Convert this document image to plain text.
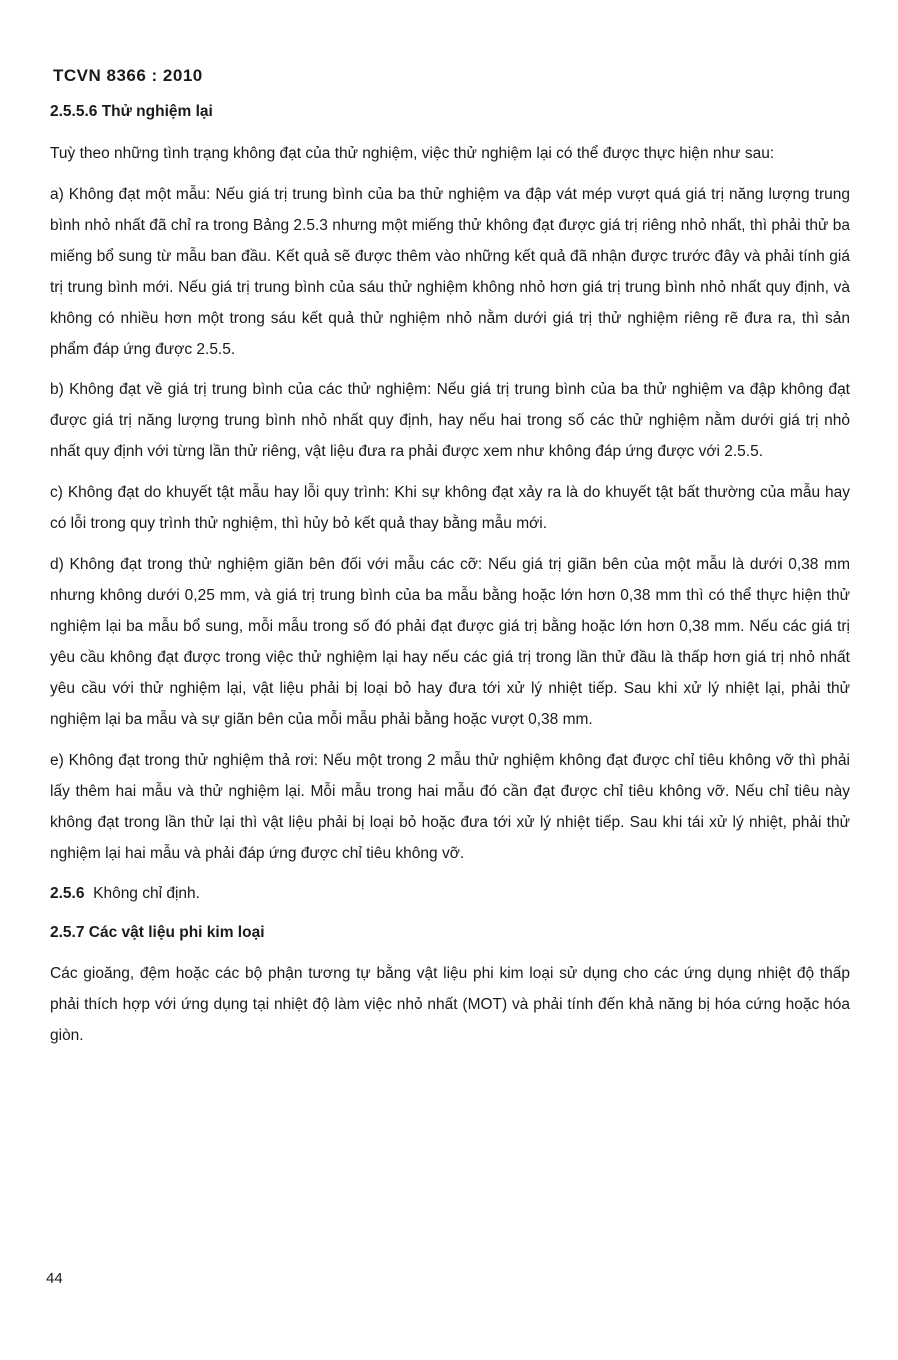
TCVN 8366 : 2010

2.5.5.6 Thử nghiệm lại

Tuỳ theo những tình trạng không đạt của thử nghiệm, việc thử nghiệm lại có thể được thực hiện như sau:

a) Không đạt một mẫu: Nếu giá trị trung bình của ba thử nghiệm va đập vát mép vượt quá giá trị năng lượng trung bình nhỏ nhất đã chỉ ra trong Bảng 2.5.3 nhưng một miếng thử không đạt được giá trị riêng nhỏ nhất, thì phải thử ba miếng bổ sung từ mẫu ban đầu. Kết quả sẽ được thêm vào những kết quả đã nhận được trước đây và phải tính giá trị trung bình mới. Nếu giá trị trung bình của sáu thử nghiệm không nhỏ hơn giá trị trung bình nhỏ nhất quy định, và không có nhiều hơn một trong sáu kết quả thử nghiệm nhỏ nằm dưới giá trị thử nghiệm riêng rẽ đưa ra, thì sản phẩm đáp ứng được 2.5.5.

b) Không đạt về giá trị trung bình của các thử nghiệm: Nếu giá trị trung bình của ba thử nghiệm va đập không đạt được giá trị năng lượng trung bình nhỏ nhất quy định, hay nếu hai trong số các thử nghiệm nằm dưới giá trị nhỏ nhất quy định với từng lần thử riêng, vật liệu đưa ra phải được xem như không đáp ứng được với 2.5.5.

c) Không đạt do khuyết tật mẫu hay lỗi quy trình: Khi sự không đạt xảy ra là do khuyết tật bất thường của mẫu hay có lỗi trong quy trình thử nghiệm, thì hủy bỏ kết quả thay bằng mẫu mới.

d) Không đạt trong thử nghiệm giãn bên đối với mẫu các cỡ: Nếu giá trị giãn bên của một mẫu là dưới 0,38 mm nhưng không dưới 0,25 mm, và giá trị trung bình của ba mẫu bằng hoặc lớn hơn 0,38 mm thì có thể thực hiện thử nghiệm lại ba mẫu bổ sung, mỗi mẫu trong số đó phải đạt được giá trị bằng hoặc lớn hơn 0,38 mm. Nếu các giá trị yêu cầu không đạt được trong việc thử nghiệm lại hay nếu các giá trị trong lần thử đầu là thấp hơn giá trị nhỏ nhất yêu cầu với thử nghiệm lại, vật liệu phải bị loại bỏ hay đưa tới xử lý nhiệt tiếp. Sau khi xử lý nhiệt lại, phải thử nghiệm lại ba mẫu và sự giãn bên của mỗi mẫu phải bằng hoặc vượt 0,38 mm.

e) Không đạt trong thử nghiệm thả rơi: Nếu một trong 2 mẫu thử nghiệm không đạt được chỉ tiêu không vỡ thì phải lấy thêm hai mẫu và thử nghiệm lại. Mỗi mẫu trong hai mẫu đó cần đạt được chỉ tiêu không vỡ. Nếu chỉ tiêu này không đạt trong lần thử lại thì vật liệu phải bị loại bỏ hoặc đưa tới xử lý nhiệt tiếp. Sau khi tái xử lý nhiệt, phải thử nghiệm lại hai mẫu và phải đáp ứng được chỉ tiêu không vỡ.

2.5.6 Không chỉ định.

2.5.7 Các vật liệu phi kim loại

Các gioăng, đệm hoặc các bộ phận tương tự bằng vật liệu phi kim loại sử dụng cho các ứng dụng nhiệt độ thấp phải thích hợp với ứng dụng tại nhiệt độ làm việc nhỏ nhất (MOT) và phải tính đến khả năng bị hóa cứng hoặc hóa giòn.

44
